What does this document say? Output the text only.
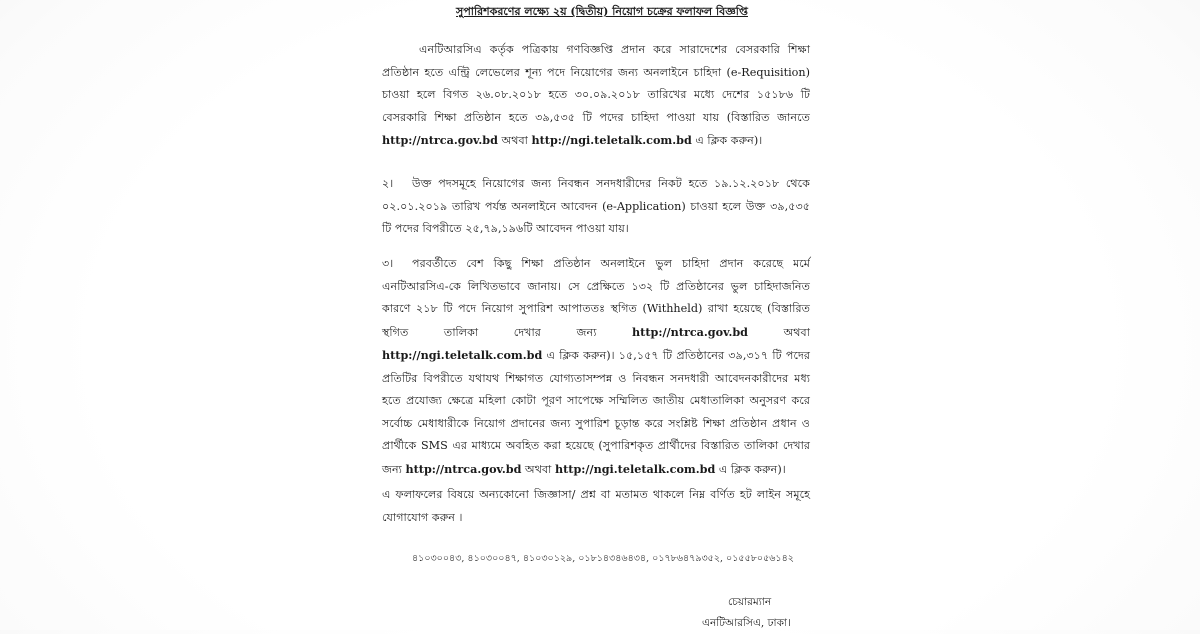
সুপারিশকরণের লক্ষ্যে ২য় (দ্বিতীয়) নিয়োগ চক্রের ফলাফল বিজ্ঞপ্তি
এনটিআরসিএ কর্তৃক পত্রিকায় গণবিজ্ঞপ্তি প্রদান করে সারাদেশের বেসরকারি শিক্ষা প্রতিষ্ঠান হতে এন্ট্রি লেভেলের শূন্য পদে নিয়োগের জন্য অনলাইনে চাহিদা (e-Requisition) চাওয়া হলে বিগত ২৬.০৮.২০১৮ হতে ৩০.০৯.২০১৮ তারিখের মধ্যে দেশের ১৫১৮৬ টি বেসরকারি শিক্ষা প্রতিষ্ঠান হতে ৩৯,৫৩৫ টি পদের চাহিদা পাওয়া যায় (বিস্তারিত জানতে http://ntrca.gov.bd অথবা http://ngi.teletalk.com.bd এ ক্লিক করুন)।
২। উক্ত পদসমূহে নিয়োগের জন্য নিবন্ধন সনদধারীদের নিকট হতে ১৯.১২.২০১৮ থেকে ০২.০১.২০১৯ তারিখ পর্যন্ত অনলাইনে আবেদন (e-Application) চাওয়া হলে উক্ত ৩৯,৫৩৫ টি পদের বিপরীতে ২৫,৭৯,১৯৬টি আবেদন পাওয়া যায়।
৩। পরবর্তীতে বেশ কিছু শিক্ষা প্রতিষ্ঠান অনলাইনে ভুল চাহিদা প্রদান করেছে মর্মে এনটিআরসিএ-কে লিখিতভাবে জানায়। সে প্রেক্ষিতে ১৩২ টি প্রতিষ্ঠানের ভুল চাহিদাজনিত কারণে ২১৮ টি পদে নিয়োগ সুপারিশ আপাততঃ স্থগিত (Withheld) রাখা হয়েছে (বিস্তারিত স্থগিত তালিকা দেখার জন্য http://ntrca.gov.bd অথবা http://ngi.teletalk.com.bd এ ক্লিক করুন)। ১৫,১৫৭ টি প্রতিষ্ঠানের ৩৯,৩১৭ টি পদের প্রতিটির বিপরীতে যথাযথ শিক্ষাগত যোগ্যতাসম্পন্ন ও নিবন্ধন সনদধারী আবেদনকারীদের মধ্য হতে প্রযোজ্য ক্ষেত্রে মহিলা কোটা পূরণ সাপেক্ষে সম্মিলিত জাতীয় মেধাতালিকা অনুসরণ করে সর্বোচ্চ মেধাধারীকে নিয়োগ প্রদানের জন্য সুপারিশ চূড়ান্ত করে সংশ্লিষ্ট শিক্ষা প্রতিষ্ঠান প্রধান ও প্রার্থীকে SMS এর মাধ্যমে অবহিত করা হয়েছে (সুপারিশকৃত প্রার্থীদের বিস্তারিত তালিকা দেখার জন্য http://ntrca.gov.bd অথবা http://ngi.teletalk.com.bd এ ক্লিক করুন)।
এ ফলাফলের বিষয়ে অন্যকোনো জিজ্ঞাসা/ প্রশ্ন বা মতামত থাকলে নিম্ন বর্ণিত হট লাইন সমূহে যোগাযোগ করুন ।
৪১০৩০০৪৩, ৪১০৩০০৪৭, ৪১০৩০১২৯, ০১৮১৪৩৪৬৪৩৪, ০১৭৮৬৪৭৯৩৫২, ০১৫৫৮০৫৬১৪২
চেয়ারম্যান
এনটিআরসিএ, ঢাকা।
